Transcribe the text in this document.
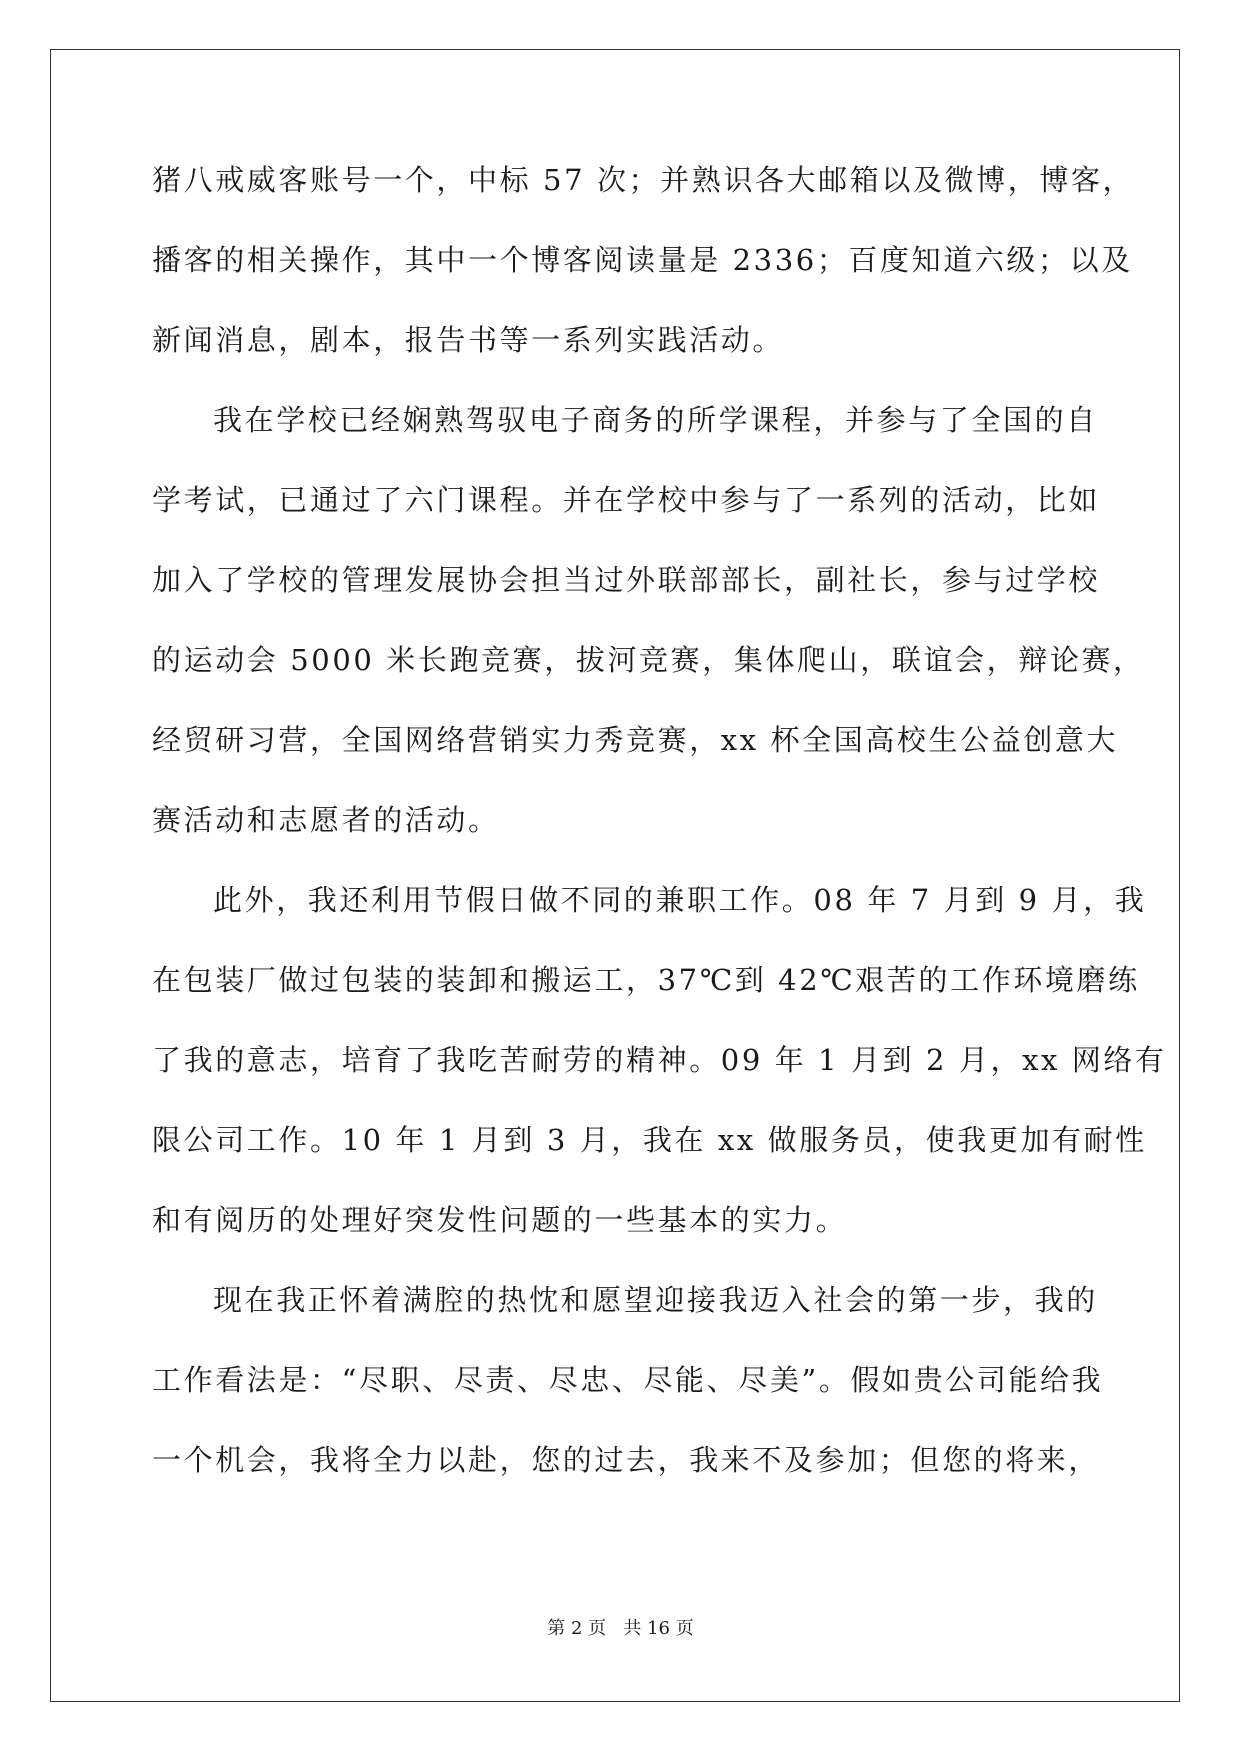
猪八戒威客账号一个，中标 57 次；并熟识各大邮箱以及微博，博客，
播客的相关操作，其中一个博客阅读量是 2336；百度知道六级；以及
新闻消息，剧本，报告书等一系列实践活动。
我在学校已经娴熟驾驭电子商务的所学课程，并参与了全国的自
学考试，已通过了六门课程。并在学校中参与了一系列的活动，比如
加入了学校的管理发展协会担当过外联部部长，副社长，参与过学校
的运动会 5000 米长跑竞赛，拔河竞赛，集体爬山，联谊会，辩论赛，
经贸研习营，全国网络营销实力秀竞赛，xx 杯全国高校生公益创意大
赛活动和志愿者的活动。
此外，我还利用节假日做不同的兼职工作。08 年 7 月到 9 月，我
在包装厂做过包装的装卸和搬运工，37℃到 42℃艰苦的工作环境磨练
了我的意志，培育了我吃苦耐劳的精神。09 年 1 月到 2 月，xx 网络有
限公司工作。10 年 1 月到 3 月，我在 xx 做服务员，使我更加有耐性
和有阅历的处理好突发性问题的一些基本的实力。
现在我正怀着满腔的热忱和愿望迎接我迈入社会的第一步，我的
工作看法是：“尽职、尽责、尽忠、尽能、尽美”。假如贵公司能给我
一个机会，我将全力以赴，您的过去，我来不及参加；但您的将来，
第 2 页   共 16 页
